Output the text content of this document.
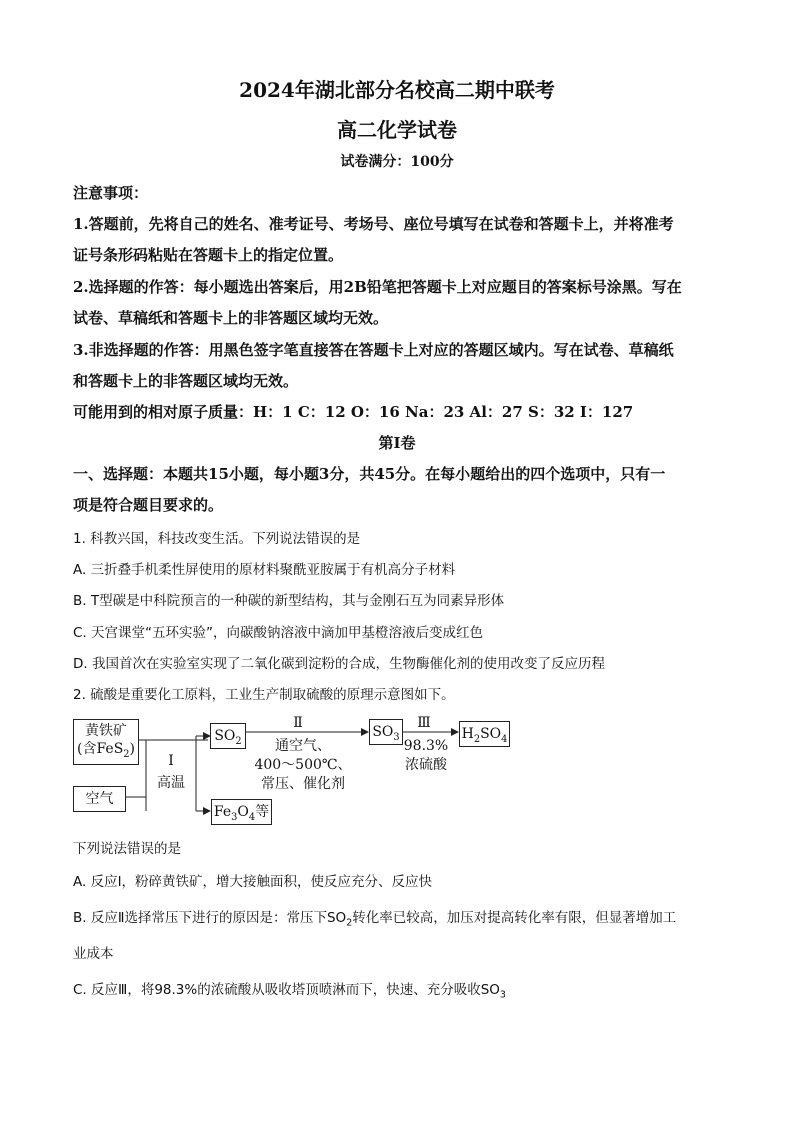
2024年湖北部分名校高二期中联考
高二化学试卷
试卷满分：100分
注意事项：
1.答题前，先将自己的姓名、准考证号、考场号、座位号填写在试卷和答题卡上，并将准考
证号条形码粘贴在答题卡上的指定位置。
2.选择题的作答：每小题选出答案后，用2B铅笔把答题卡上对应题目的答案标号涂黑。写在
试卷、草稿纸和答题卡上的非答题区域均无效。
3.非选择题的作答：用黑色签字笔直接答在答题卡上对应的答题区域内。写在试卷、草稿纸
和答题卡上的非答题区域均无效。
可能用到的相对原子质量：H：1 C：12 O：16 Na：23 Al：27 S：32 I：127
第Ⅰ卷
一、选择题：本题共15小题，每小题3分，共45分。在每小题给出的四个选项中，只有一
项是符合题目要求的。
1. 科教兴国，科技改变生活。下列说法错误的是
A. 三折叠手机柔性屏使用的原材料聚酰亚胺属于有机高分子材料
B. T型碳是中科院预言的一种碳的新型结构，其与金刚石互为同素异形体
C. 天宫课堂“五环实验”，向碳酸钠溶液中滴加甲基橙溶液后变成红色
D. 我国首次在实验室实现了二氧化碳到淀粉的合成，生物酶催化剂的使用改变了反应历程
2. 硫酸是重要化工原料，工业生产制取硫酸的原理示意图如下。
黄铁矿
(含FeS$_2$)
空气
Ⅰ
高温
$SO_2$
Ⅱ
通空气、
400～500℃、
常压、催化剂
$SO_3$
Ⅲ
98.3%
浓硫酸
$H_2SO_4$
$Fe_3O_4$等
下列说法错误的是
A. 反应Ⅰ，粉碎黄铁矿，增大接触面积，使反应充分、反应快
B. 反应Ⅱ选择常压下进行的原因是：常压下$SO_2$转化率已较高，加压对提高转化率有限，但显著增加工
业成本
C. 反应Ⅲ，将98.3%的浓硫酸从吸收塔顶喷淋而下，快速、充分吸收$SO_3$
